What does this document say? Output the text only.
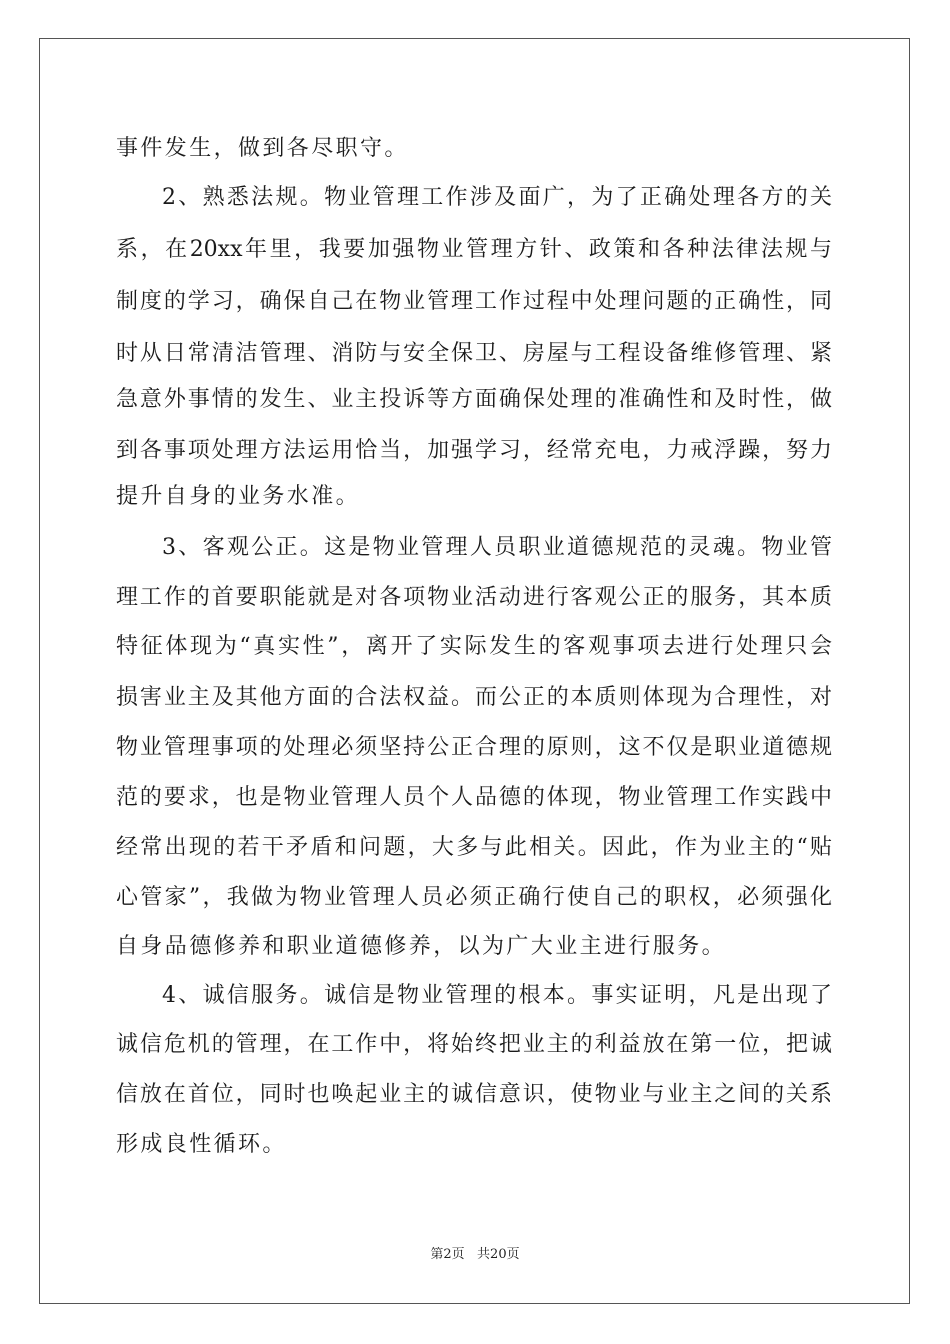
事件发生，做到各尽职守。
2、熟悉法规。物业管理工作涉及面广，为了正确处理各方的关
系，在20xx年里，我要加强物业管理方针、政策和各种法律法规与
制度的学习，确保自己在物业管理工作过程中处理问题的正确性，同
时从日常清洁管理、消防与安全保卫、房屋与工程设备维修管理、紧
急意外事情的发生、业主投诉等方面确保处理的准确性和及时性，做
到各事项处理方法运用恰当，加强学习，经常充电，力戒浮躁，努力
提升自身的业务水准。
3、客观公正。这是物业管理人员职业道德规范的灵魂。物业管
理工作的首要职能就是对各项物业活动进行客观公正的服务，其本质
特征体现为“真实性”，离开了实际发生的客观事项去进行处理只会
损害业主及其他方面的合法权益。而公正的本质则体现为合理性，对
物业管理事项的处理必须坚持公正合理的原则，这不仅是职业道德规
范的要求，也是物业管理人员个人品德的体现，物业管理工作实践中
经常出现的若干矛盾和问题，大多与此相关。因此，作为业主的“贴
心管家”，我做为物业管理人员必须正确行使自己的职权，必须强化
自身品德修养和职业道德修养，以为广大业主进行服务。
4、诚信服务。诚信是物业管理的根本。事实证明，凡是出现了
诚信危机的管理，在工作中，将始终把业主的利益放在第一位，把诚
信放在首位，同时也唤起业主的诚信意识，使物业与业主之间的关系
形成良性循环。
第2页   共20页
